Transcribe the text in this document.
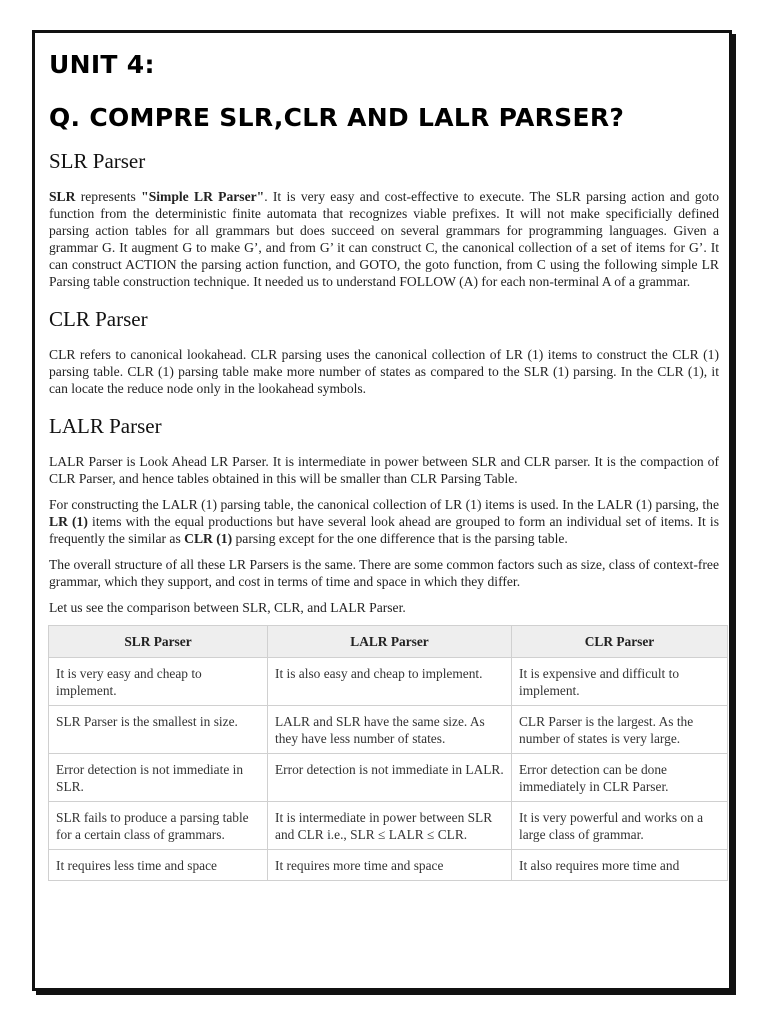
UNIT 4:
Q. COMPRE SLR,CLR AND LALR PARSER?
SLR Parser

SLR represents "Simple LR Parser". It is very easy and cost-effective to execute. The SLR parsing action and goto function from the deterministic finite automata that recognizes viable prefixes. It will not make specificially defined parsing action tables for all grammars but does succeed on several grammars for programming languages. Given a grammar G. It augment G to make G’, and from G’ it can construct C, the canonical collection of a set of items for G’. It can construct ACTION the parsing action function, and GOTO, the goto function, from C using the following simple LR Parsing table construction technique. It needed us to understand FOLLOW (A) for each non-terminal A of a grammar.

CLR Parser

CLR refers to canonical lookahead. CLR parsing uses the canonical collection of LR (1) items to construct the CLR (1) parsing table. CLR (1) parsing table make more number of states as compared to the SLR (1) parsing. In the CLR (1), it can locate the reduce node only in the lookahead symbols.

LALR Parser

LALR Parser is Look Ahead LR Parser. It is intermediate in power between SLR and CLR parser. It is the compaction of CLR Parser, and hence tables obtained in this will be smaller than CLR Parsing Table.

For constructing the LALR (1) parsing table, the canonical collection of LR (1) items is used. In the LALR (1) parsing, the LR (1) items with the equal productions but have several look ahead are grouped to form an individual set of items. It is frequently the similar as CLR (1) parsing except for the one difference that is the parsing table.

The overall structure of all these LR Parsers is the same. There are some common factors such as size, class of context-free grammar, which they support, and cost in terms of time and space in which they differ.

Let us see the comparison between SLR, CLR, and LALR Parser.

SLR Parser	LALR Parser	CLR Parser
It is very easy and cheap to implement.	It is also easy and cheap to implement.	It is expensive and difficult to implement.
SLR Parser is the smallest in size.	LALR and SLR have the same size. As they have less number of states.	CLR Parser is the largest. As the number of states is very large.
Error detection is not immediate in SLR.	Error detection is not immediate in LALR.	Error detection can be done immediately in CLR Parser.
SLR fails to produce a parsing table for a certain class of grammars.	It is intermediate in power between SLR and CLR i.e., SLR ≤ LALR ≤ CLR.	It is very powerful and works on a large class of grammar.
It requires less time and space	It requires more time and space	It also requires more time and
